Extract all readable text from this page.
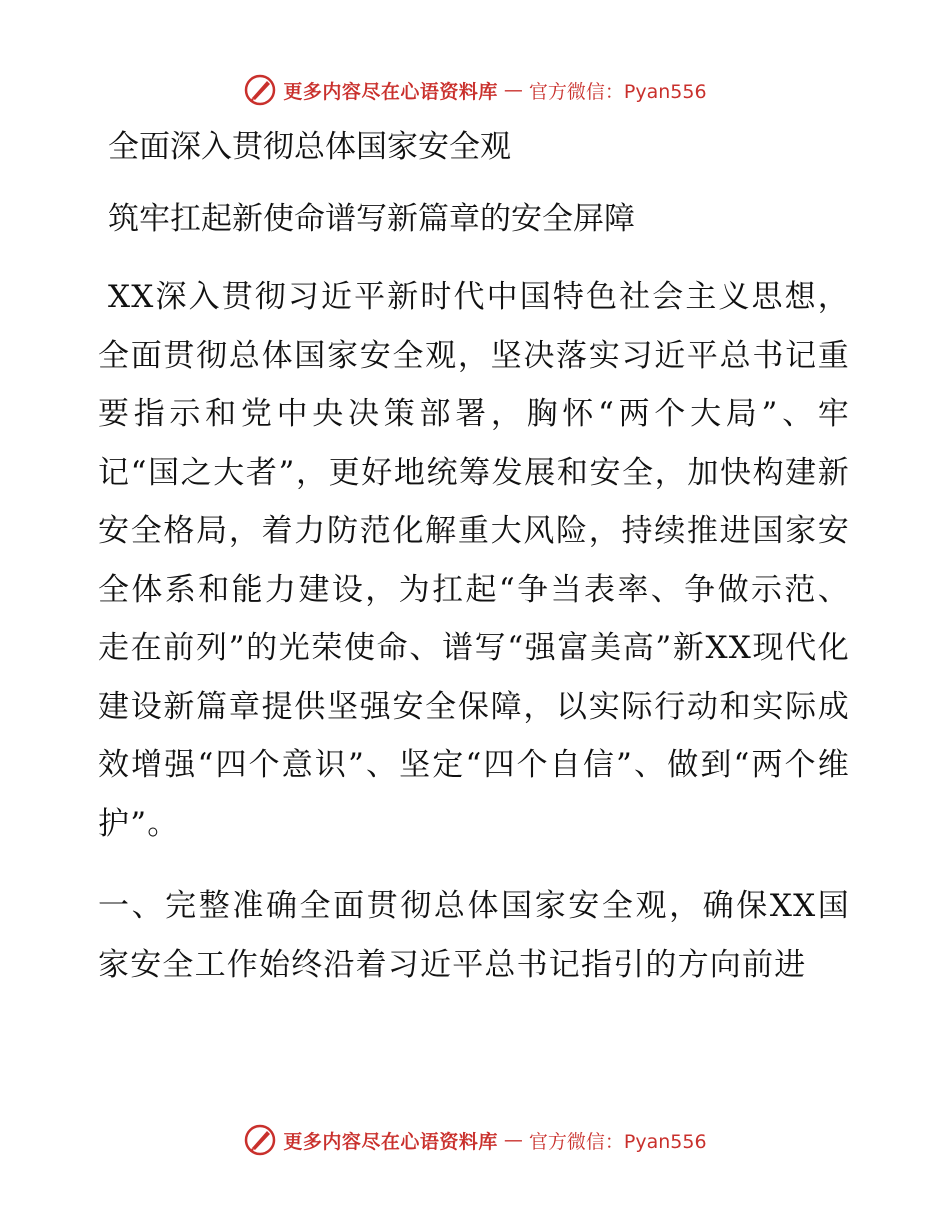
更多内容尽在心语资料库 — 官方微信：Pyan556

全面深入贯彻总体国家安全观

筑牢扛起新使命谱写新篇章的安全屏障

XX深入贯彻习近平新时代中国特色社会主义思想，全面贯彻总体国家安全观，坚决落实习近平总书记重要指示和党中央决策部署，胸怀“两个大局”、牢记“国之大者”，更好地统筹发展和安全，加快构建新安全格局，着力防范化解重大风险，持续推进国家安全体系和能力建设，为扛起“争当表率、争做示范、走在前列”的光荣使命、谱写“强富美高”新XX现代化建设新篇章提供坚强安全保障，以实际行动和实际成效增强“四个意识”、坚定“四个自信”、做到“两个维护”。

一、完整准确全面贯彻总体国家安全观，确保XX国家安全工作始终沿着习近平总书记指引的方向前进

更多内容尽在心语资料库 — 官方微信：Pyan556
